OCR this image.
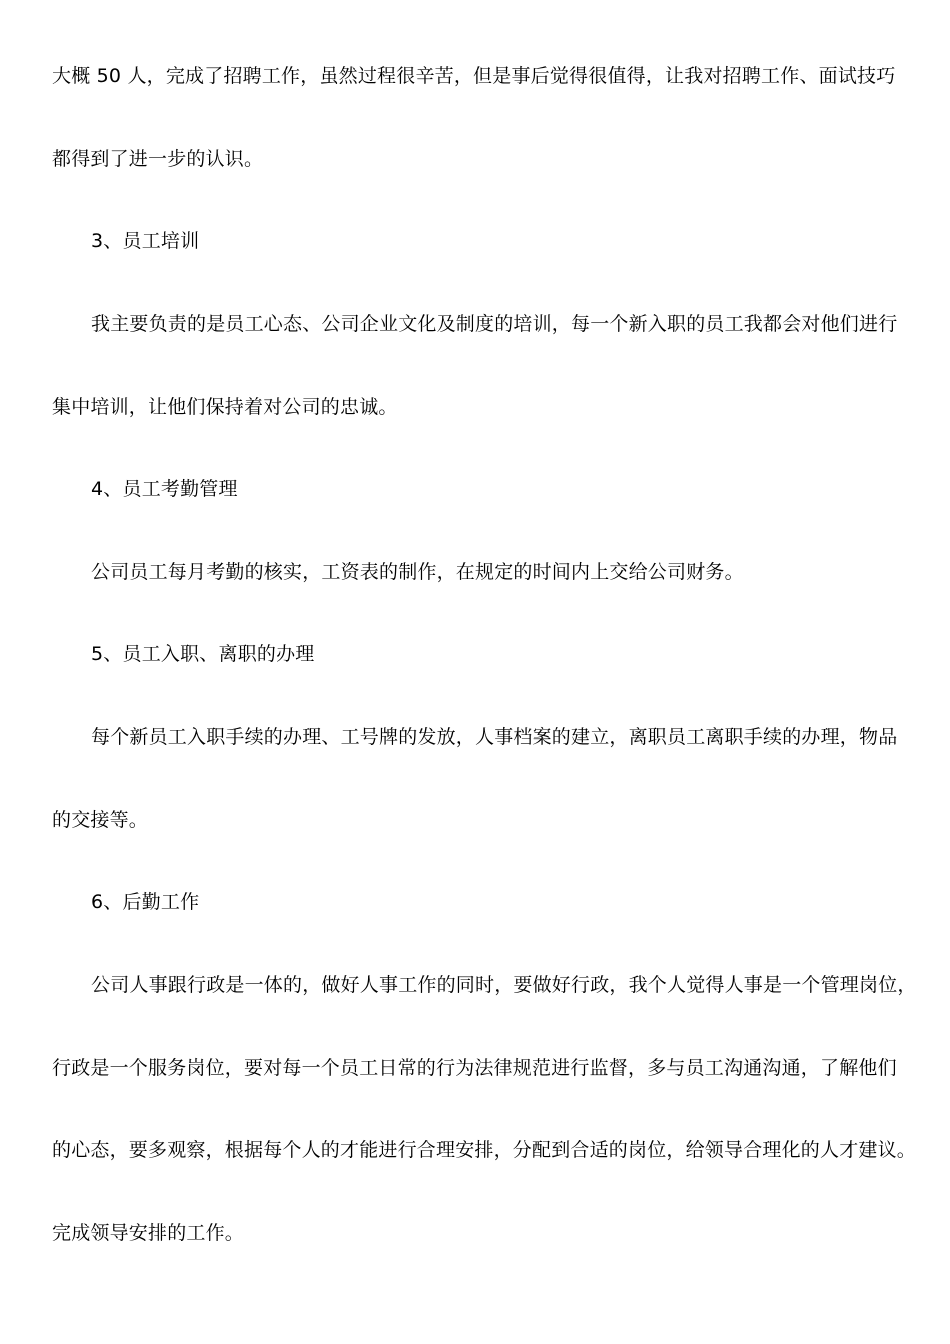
大概 50 人，完成了招聘工作，虽然过程很辛苦，但是事后觉得很值得，让我对招聘工作、面试技巧
都得到了进一步的认识。
3、员工培训
我主要负责的是员工心态、公司企业文化及制度的培训，每一个新入职的员工我都会对他们进行
集中培训，让他们保持着对公司的忠诚。
4、员工考勤管理
公司员工每月考勤的核实，工资表的制作，在规定的时间内上交给公司财务。
5、员工入职、离职的办理
每个新员工入职手续的办理、工号牌的发放，人事档案的建立，离职员工离职手续的办理，物品
的交接等。
6、后勤工作
公司人事跟行政是一体的，做好人事工作的同时，要做好行政，我个人觉得人事是一个管理岗位，
行政是一个服务岗位，要对每一个员工日常的行为法律规范进行监督，多与员工沟通沟通，了解他们
的心态，要多观察，根据每个人的才能进行合理安排，分配到合适的岗位，给领导合理化的人才建议。
完成领导安排的工作。
